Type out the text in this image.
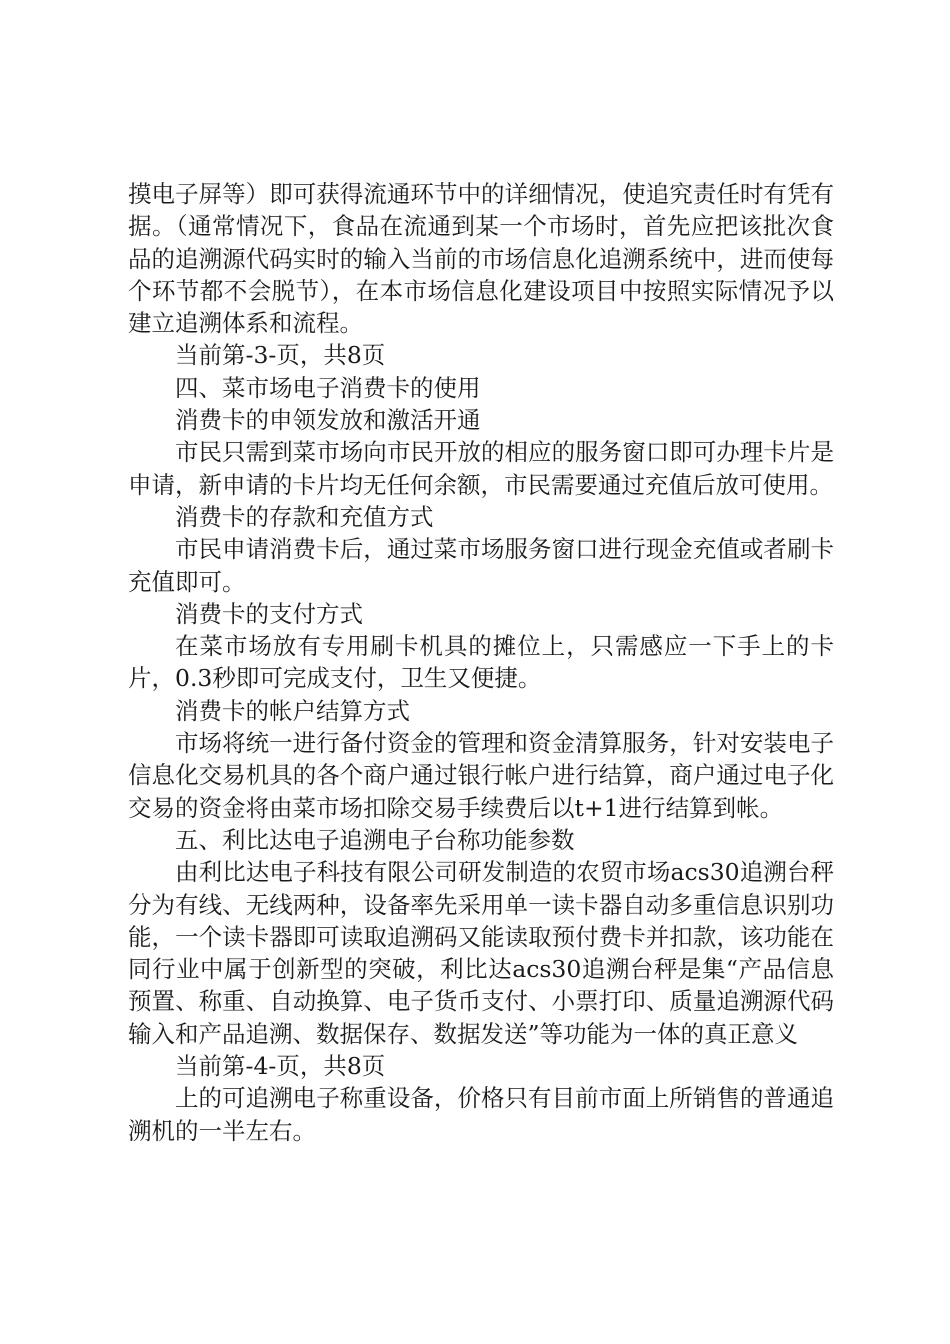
摸电子屏等）即可获得流通环节中的详细情况，使追究责任时有凭有据。（通常情况下，食品在流通到某一个市场时，首先应把该批次食品的追溯源代码实时的输入当前的市场信息化追溯系统中，进而使每个环节都不会脱节），在本市场信息化建设项目中按照实际情况予以建立追溯体系和流程。

当前第-3-页，共8页

四、菜市场电子消费卡的使用

消费卡的申领发放和激活开通

市民只需到菜市场向市民开放的相应的服务窗口即可办理卡片是申请，新申请的卡片均无任何余额，市民需要通过充值后放可使用。

消费卡的存款和充值方式

市民申请消费卡后，通过菜市场服务窗口进行现金充值或者刷卡充值即可。

消费卡的支付方式

在菜市场放有专用刷卡机具的摊位上，只需感应一下手上的卡片，0.3秒即可完成支付，卫生又便捷。

消费卡的帐户结算方式

市场将统一进行备付资金的管理和资金清算服务，针对安装电子信息化交易机具的各个商户通过银行帐户进行结算，商户通过电子化交易的资金将由菜市场扣除交易手续费后以t+1进行结算到帐。

五、利比达电子追溯电子台称功能参数

由利比达电子科技有限公司研发制造的农贸市场acs30追溯台秤分为有线、无线两种，设备率先采用单一读卡器自动多重信息识别功能，一个读卡器即可读取追溯码又能读取预付费卡并扣款，该功能在同行业中属于创新型的突破，利比达acs30追溯台秤是集“产品信息预置、称重、自动换算、电子货币支付、小票打印、质量追溯源代码输入和产品追溯、数据保存、数据发送”等功能为一体的真正意义

当前第-4-页，共8页

上的可追溯电子称重设备，价格只有目前市面上所销售的普通追溯机的一半左右。
